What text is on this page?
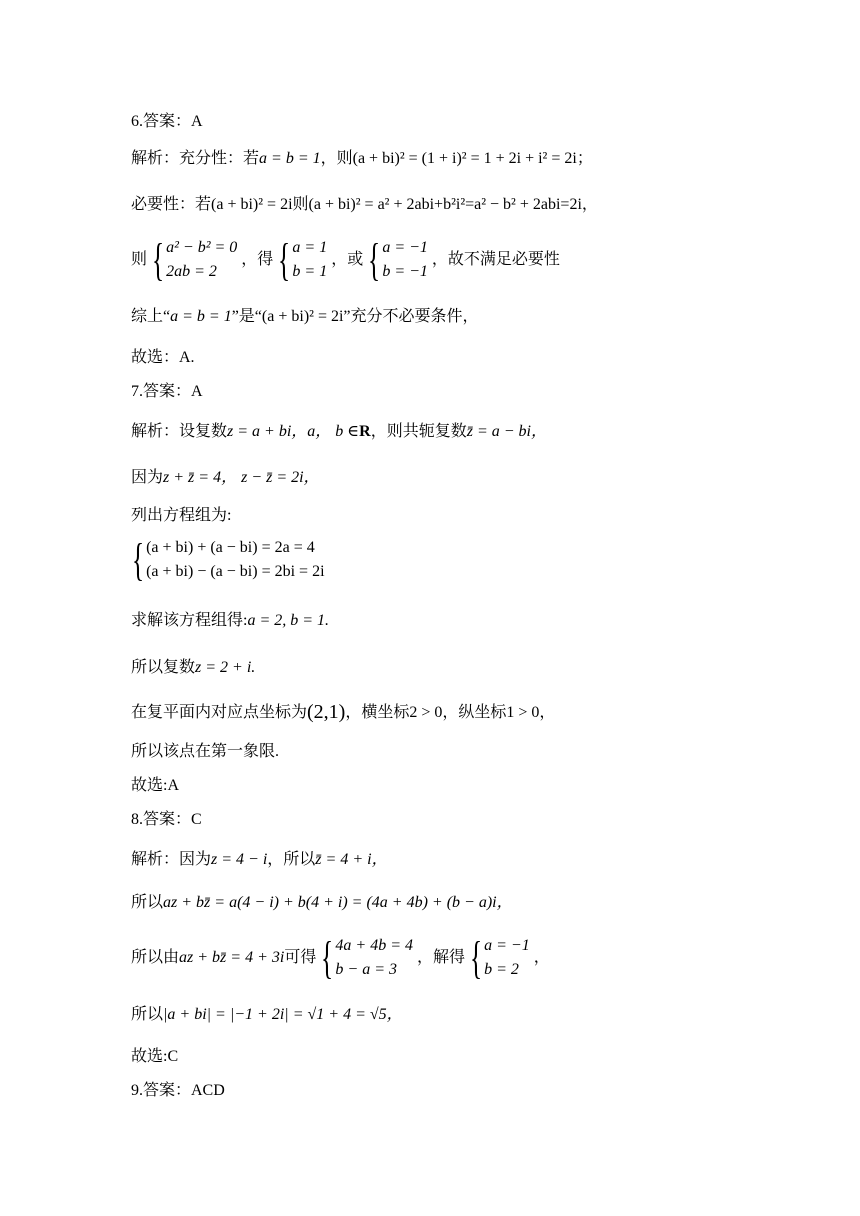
6.答案：A
解析：充分性：若a = b = 1，则(a + bi)² = (1 + i)² = 1 + 2i + i² = 2i；
必要性：若(a + bi)² = 2i则(a + bi)² = a² + 2abi+b²i²=a² − b² + 2abi=2i，
则 { a² − b² = 0
2ab = 2
，得 { a = 1
b = 1
，或 { a = −1
b = −1
，故不满足必要性
综上“a = b = 1”是“(a + bi)² = 2i”充分不必要条件，
故选：A.
7.答案：A
解析：设复数z = a + bi，a， b ∈R，则共轭复数z̄ = a − bi，
因为z + z̄ = 4， z − z̄ = 2i，
列出方程组为:
{ (a + bi) + (a − bi) = 2a = 4
(a + bi) − (a − bi) = 2bi = 2i
求解该方程组得:a = 2, b = 1.
所以复数z = 2 + i.
在复平面内对应点坐标为(2,1)，横坐标2 > 0，纵坐标1 > 0，
所以该点在第一象限.
故选:A
8.答案：C
解析：因为z = 4 − i，所以z̄ = 4 + i，
所以az + bz̄ = a(4 − i) + b(4 + i) = (4a + 4b) + (b − a)i，
所以由az + bz̄ = 4 + 3i可得 { 4a + 4b = 4
b − a = 3
，解得 { a = −1
b = 2
，
所以|a + bi| = |−1 + 2i| = √1 + 4 = √5，
故选:C
9.答案：ACD
